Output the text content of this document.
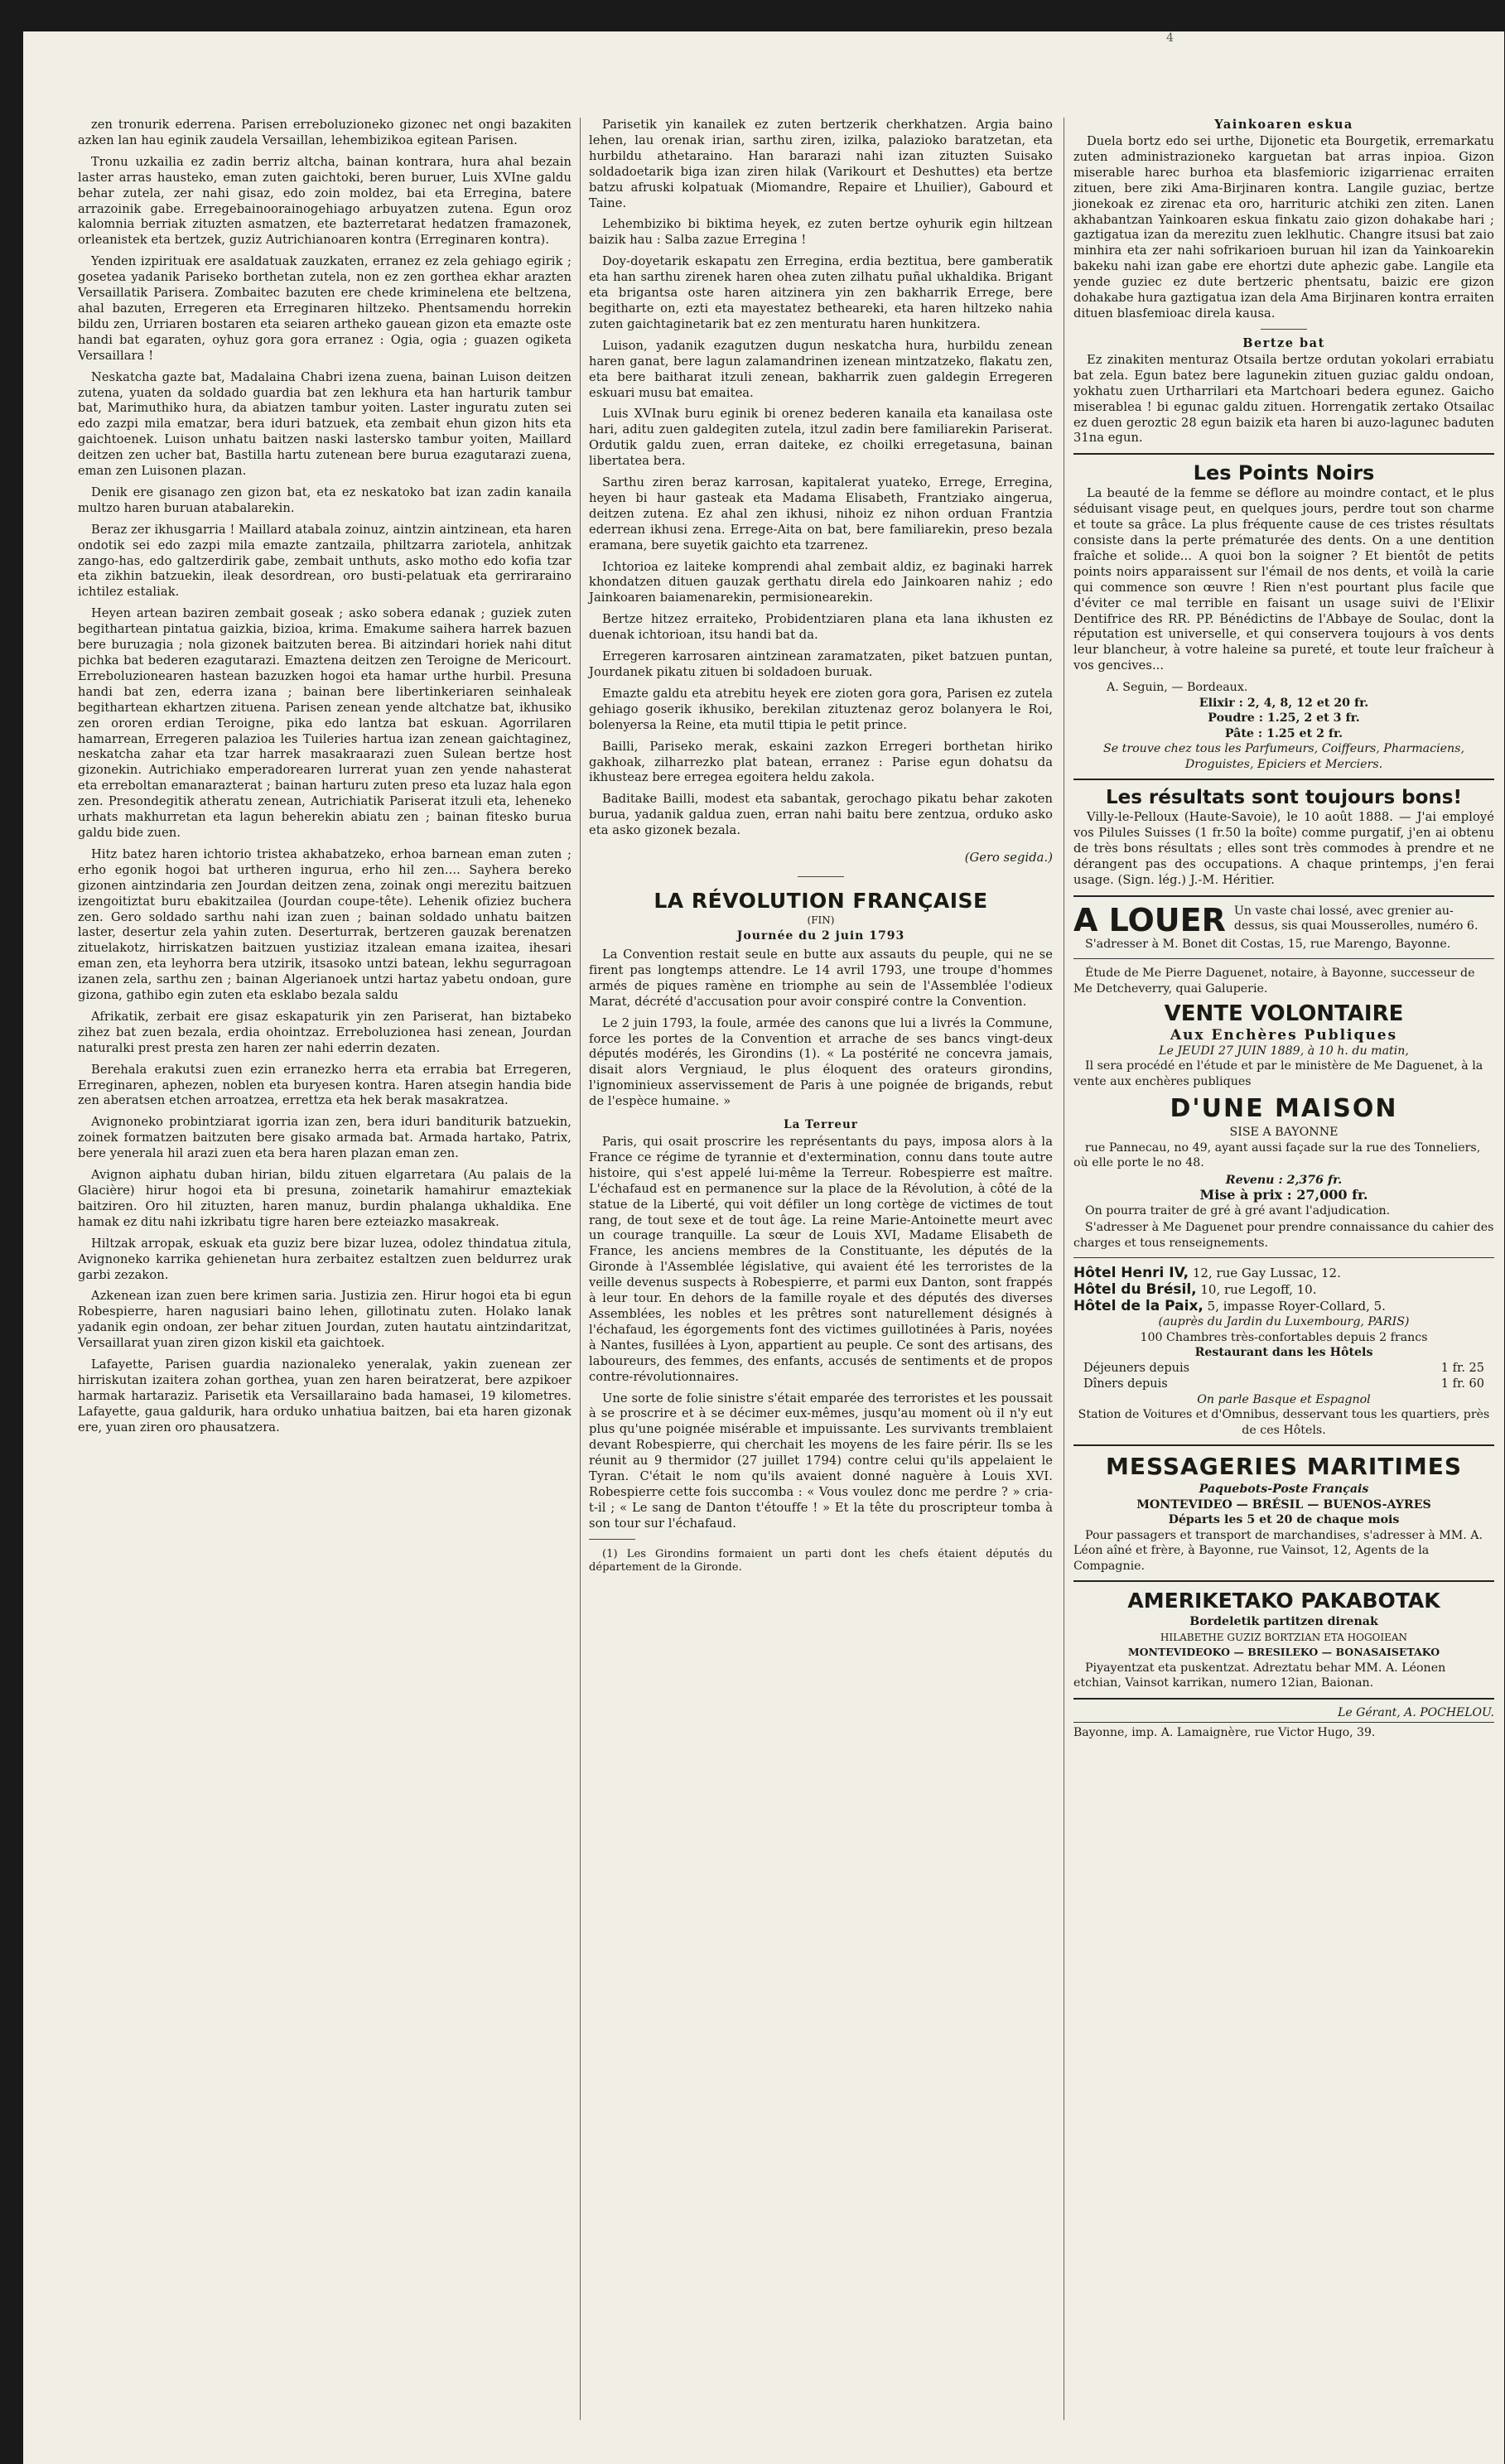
4

zen tronurik ederrena. Parisen erreboluzioneko gizonec net ongi bazakiten azken lan hau eginik zaudela Versaillan, lehembizikoa egitean Parisen.

Tronu uzkailia ez zadin berriz altcha, bainan kontrara, hura ahal bezain laster arras hausteko, eman zuten gaichtoki, beren buruer, Luis XVIne galdu behar zutela, zer nahi gisaz, edo zoin moldez, bai eta Erregina, batere arrazoinik gabe. Erregebainoorainogehiago arbuyatzen zutena. Egun oroz kalomnia berriak zituzten asmatzen, ete bazterretarat hedatzen framazonek, orleanistek eta bertzek, guziz Autrichianoaren kontra (Erreginaren kontra).

Yenden izpirituak ere asaldatuak zauzkaten, erranez ez zela gehiago egirik ; gosetea yadanik Pariseko borthetan zutela, non ez zen gorthea ekhar arazten Versaillatik Parisera. Zombaitec bazuten ere chede kriminelena ete beltzena, ahal bazuten, Erregeren eta Erreginaren hiltzeko. Phentsamendu horrekin bildu zen, Urriaren bostaren eta seiaren artheko gauean gizon eta emazte oste handi bat egaraten, oyhuz gora gora erranez : Ogia, ogia ; guazen ogiketa Versaillara !

Neskatcha gazte bat, Madalaina Chabri izena zuena, bainan Luison deitzen zutena, yuaten da soldado guardia bat zen lekhura eta han harturik tambur bat, Marimuthiko hura, da abiatzen tambur yoiten. Laster inguratu zuten sei edo zazpi mila ematzar, bera iduri batzuek, eta zembait ehun gizon hits eta gaichtoenek. Luison unhatu baitzen naski lastersko tambur yoiten, Maillard deitzen zen ucher bat, Bastilla hartu zutenean bere burua ezagutarazi zuena, eman zen Luisonen plazan.

Denik ere gisanago zen gizon bat, eta ez neskatoko bat izan zadin kanaila multzo haren buruan atabalarekin.

Beraz zer ikhusgarria ! Maillard atabala zoinuz, aintzin aintzinean, eta haren ondotik sei edo zazpi mila emazte zantzaila, philtzarra zariotela, anhitzak zango-has, edo galtzerdirik gabe, zembait unthuts, asko motho edo kofia tzar eta zikhin batzuekin, ileak desordrean, oro busti-pelatuak eta gerriraraino ichtilez estaliak.

Heyen artean baziren zembait goseak ; asko sobera edanak ; guziek zuten begithartean pintatua gaizkia, bizioa, krima. Emakume saihera harrek bazuen bere buruzagia ; nola gizonek baitzuten berea. Bi aitzindari horiek nahi ditut pichka bat bederen ezagutarazi. Emaztena deitzen zen Teroigne de Mericourt. Erreboluzionearen hastean bazuzken hogoi eta hamar urthe hurbil. Presuna handi bat zen, ederra izana ; bainan bere libertinkeriaren seinhaleak begithartean ekhartzen zituena. Parisen zenean yende altchatze bat, ikhusiko zen ororen erdian Teroigne, pika edo lantza bat eskuan. Agorrilaren hamarrean, Erregeren palazioa les Tuileries hartua izan zenean gaichtaginez, neskatcha zahar eta tzar harrek masakraarazi zuen Sulean bertze host gizonekin. Autrichiako emperadorearen lurrerat yuan zen yende nahasterat eta erreboltan emanarazterat ; bainan harturu zuten preso eta luzaz hala egon zen. Presondegitik atheratu zenean, Autrichiatik Pariserat itzuli eta, leheneko urhats makhurretan eta lagun beherekin abiatu zen ; bainan fitesko burua galdu bide zuen.

Hitz batez haren ichtorio tristea akhabatzeko, erhoa barnean eman zuten ; erho egonik hogoi bat urtheren ingurua, erho hil zen.... Sayhera bereko gizonen aintzindaria zen Jourdan deitzen zena, zoinak ongi merezitu baitzuen izengoitiztat buru ebakitzailea (Jourdan coupe-tête). Lehenik ofiziez buchera zen. Gero soldado sarthu nahi izan zuen ; bainan soldado unhatu baitzen laster, desertur zela yahin zuten. Deserturrak, bertzeren gauzak berenatzen zituelakotz, hirriskatzen baitzuen yustiziaz itzalean emana izaitea, ihesari eman zen, eta leyhorra bera utzirik, itsasoko untzi batean, lekhu segurragoan izanen zela, sarthu zen ; bainan Algerianoek untzi hartaz yabetu ondoan, gure gizona, gathibo egin zuten eta esklabo bezala saldu

Afrikatik, zerbait ere gisaz eskapaturik yin zen Pariserat, han biztabeko zihez bat zuen bezala, erdia ohointzaz. Erreboluzionea hasi zenean, Jourdan naturalki prest presta zen haren zer nahi ederrin dezaten.

Berehala erakutsi zuen ezin erranezko herra eta errabia bat Erregeren, Erreginaren, aphezen, noblen eta buryesen kontra. Haren atsegin handia bide zen aberatsen etchen arroatzea, errettza eta hek berak masakratzea.

Avignoneko probintziarat igorria izan zen, bera iduri banditurik batzuekin, zoinek formatzen baitzuten bere gisako armada bat. Armada hartako, Patrix, bere yeneralа hil arazi zuen eta bera haren plazan eman zen.

Avignon aiphatu duban hirian, bildu zituen elgarretara (Au palais de la Glacière) hirur hogoi eta bi presuna, zoinetarik hamahirur emaztekiak baitziren. Oro hil zituzten, haren manuz, burdin phalanga ukhaldika. Ene hamak ez ditu nahi izkribatu tigre haren bere ezteiazko masakreak.

Hiltzak arropak, eskuak eta guziz bere bizar luzea, odolez thindatua zitula, Avignoneko karrika gehienetan hura zerbaitez estaltzen zuen beldurrez urak garbi zezakon.

Azkenean izan zuen bere krimen saria. Justizia zen. Hirur hogoi eta bi egun Robespierre, haren nagusiari baino lehen, gillotinatu zuten. Holako lanak yadanik egin ondoan, zer behar zituen Jourdan, zuten hautatu aintzindaritzat, Versaillarat yuan ziren gizon kiskil eta gaichtoek.

Lafayette, Parisen guardia nazionaleko yeneralak, yakin zuenean zer hirriskutan izaitera zohan gorthea, yuan zen haren beiratzerat, bere azpikoer harmak hartaraziz. Parisetik eta Versaillaraino bada hamasei, 19 kilometres. Lafayette, gaua galdurik, hara orduko unhatiua baitzen, bai eta haren gizonak ere, yuan ziren oro phausatzera.

Parisetik yin kanailek ez zuten bertzerik cherkhatzen. Argia baino lehen, lau orenak irian, sarthu ziren, izilka, palazioko baratzetan, eta hurbildu athetaraino. Han bararazi nahi izan zituzten Suisako soldadoetarik bigа izan ziren hilak (Varikourt et Deshuttes) eta bertze batzu afruski kolpatuak (Miomandre, Repaire et Lhuilier), Gabourd et Taine.

Lehembiziko bi biktima heyek, ez zuten bertze oyhurik egin hiltzean baizik hau : Salba zazue Erregina !

Doy-doyetarik eskapatu zen Erregina, erdia beztitua, bere gamberatik eta han sarthu zirenek haren ohea zuten zilhatu puñal ukhaldika. Brigant eta brigantsa oste haren aitzinera yin zen bakharrik Errege, bere begitharte on, ezti eta mayestatez betheareki, eta haren hiltzeko nahia zuten gaichtaginetarik bat ez zen menturatu haren hunkitzera.

Luison, yadanik ezagutzen dugun neskatcha hura, hurbildu zenean haren ganat, bere lagun zalamandrinen izenean mintzatzeko, flakatu zen, eta bere baitharat itzuli zenean, bakharrik zuen galdegin Erregeren eskuari musu bat emaitea.

Luis XVInak buru eginik bi orenez bederen kanaila eta kanailasa oste hari, aditu zuen galdegiten zutela, itzul zadin bere familiarekin Pariserat. Ordutik galdu zuen, erran daiteke, ez choilki erregetasuna, bainan libertatea bera.

Sarthu ziren beraz karrosan, kapitalerat yuateko, Errege, Erregina, heyen bi haur gasteak eta Madama Elisabeth, Frantziako aingerua, deitzen zutena. Ez ahal zen ikhusi, nihoiz ez nihon orduan Frantzia ederrean ikhusi zena. Errege-Aita on bat, bere familiarekin, preso bezala eramana, bere suyetik gaichto eta tzarrenez.

Ichtorioa ez laiteke komprendi ahal zembait aldiz, ez baginaki harrek khondatzen dituen gauzak gerthatu direla edo Jainkoaren nahiz ; edo Jainkoaren baiamenarekin, permisionearekin.

Bertze hitzez erraiteko, Probidentziaren plana eta lana ikhusten ez duenak ichtorioan, itsu handi bat da.

Erregeren karrosaren aintzinean zaramatzaten, piket batzuen puntan, Jourdanek pikatu zituen bi soldadoen buruak.

Emazte galdu eta atrebitu heyek ere zioten gora gora, Parisen ez zutela gehiago goserik ikhusiko, berekilan zituztenaz geroz bolanyera le Roi, bolenyersa la Reine, eta mutil ttipia le petit prince.

Bailli, Pariseko merak, eskaini zazkon Erregeri borthetan hiriko gakhoak, zilharrezko plat batean, erranez : Parise egun dohatsu da ikhusteaz bere erregea egoitera heldu zakola.

Baditake Bailli, modest eta sabantak, gerochago pikatu behar zakoten buruа, yadanik galdua zuen, erran nahi baitu bere zentzua, orduko asko eta asko gizonek bezala.

(Gero segida.)

LA RÉVOLUTION FRANÇAISE
(FIN)
Journée du 2 juin 1793

La Convention restait seule en butte aux assauts du peuple, qui ne se firent pas longtemps attendre. Le 14 avril 1793, une troupe d'hommes armés de piques ramène en triomphe au sein de l'Assemblée l'odieux Marat, décrété d'accusation pour avoir conspiré contre la Convention.

Le 2 juin 1793, la foule, armée des canons que lui a livrés la Commune, force les portes de la Convention et arrache de ses bancs vingt-deux députés modérés, les Girondins (1). « La postérité ne concevra jamais, disait alors Vergniaud, le plus éloquent des orateurs girondins, l'ignominieux asservissement de Paris à une poignée de brigands, rebut de l'espèce humaine. »

La Terreur

Paris, qui osait proscrire les représentants du pays, imposa alors à la France ce régime de tyrannie et d'extermination, connu dans toute autre histoire, qui s'est appelé lui-même la Terreur. Robespierre est maître. L'échafaud est en permanence sur la place de la Révolution, à côté de la statue de la Liberté, qui voit défiler un long cortège de victimes de tout rang, de tout sexe et de tout âge. La reine Marie-Antoinette meurt avec un courage tranquille. La sœur de Louis XVI, Madame Elisabeth de France, les anciens membres de la Constituante, les députés de la Gironde à l'Assemblée législative, qui avaient été les terroristes de la veille devenus suspects à Robespierre, et parmi eux Danton, sont frappés à leur tour. En dehors de la famille royale et des députés des diverses Assemblées, les nobles et les prêtres sont naturellement désignés à l'échafaud, les égorgements font des victimes guillotinées à Paris, noyées à Nantes, fusillées à Lyon, appartient au peuple. Ce sont des artisans, des laboureurs, des femmes, des enfants, accusés de sentiments et de propos contre-révolutionnaires.

Une sorte de folie sinistre s'était emparée des terroristes et les poussait à se proscrire et à se décimer eux-mêmes, jusqu'au moment où il n'y eut plus qu'une poignée misérable et impuissante. Les survivants tremblaient devant Robespierre, qui cherchait les moyens de les faire périr. Ils se les réunit au 9 thermidor (27 juillet 1794) contre celui qu'ils appelaient le Tyran. C'était le nom qu'ils avaient donné naguère à Louis XVI. Robespierre cette fois succomba : « Vous voulez donc me perdre ? » cria-t-il ; « Le sang de Danton t'étouffe ! » Et la tête du proscripteur tomba à son tour sur l'échafaud.

(1) Les Girondins formaient un parti dont les chefs étaient députés du département de la Gironde.

Yainkoaren eskua

Duela bortz edo sei urthe, Dijonetic eta Bourgetik, erremarkatu zuten administrazioneko karguetan bat arras inpioa. Gizon miserable harec burhoa eta blasfemioric izigarrienac erraiten zituen, bere ziki Ama-Birjinaren kontra. Langile guziac, bertze jionekoak ez zirenac eta oro, harrituric atchiki zen ziten. Lanen akhabantzan Yainkoaren eskua finkatu zaio gizon dohakabe hari ; gaztigatua izan da merezitu zuen leklhutic. Changre itsusi bat zaio minhira eta zer nahi sofrikarioen buruan hil izan da Yainkoarekin bakeku nahi izan gabe ere ehortzi dute aphezic gabe. Langile eta yende guziec ez dute bertzeric phentsatu, baizic ere gizon dohakabe hura gaztigatua izan dela Ama Birjinaren kontra erraiten dituen blasfemioac direla kausa.

Bertze bat

Ez zinakiten menturaz Otsaila bertze ordutan yokolari errabiatu bat zela. Egun batez bere lagunekin zituen guziac galdu ondoan, yokhatu zuen Urtharrilari eta Martchoari bedera egunez. Gaicho miserablea ! bi egunac galdu zituen. Horrengatik zertako Otsailac ez duen geroztic 28 egun baizik eta haren bi auzo-lagunec baduten 31na egun.

Les Points Noirs

La beauté de la femme se déflore au moindre contact, et le plus séduisant visage peut, en quelques jours, perdre tout son charme et toute sa grâce. La plus fréquente cause de ces tristes résultats consiste dans la perte prématurée des dents. On a une dentition fraîche et solide... A quoi bon la soigner ? Et bientôt de petits points noirs apparaissent sur l'émail de nos dents, et voilà la carie qui commence son œuvre ! Rien n'est pourtant plus facile que d'éviter ce mal terrible en faisant un usage suivi de l'Elixir Dentifrice des RR. PP. Bénédictins de l'Abbaye de Soulac, dont la réputation est universelle, et qui conservera toujours à vos dents leur blancheur, à votre haleine sa pureté, et toute leur fraîcheur à vos gencives...

A. Seguin, — Bordeaux.
Elixir : 2, 4, 8, 12 et 20 fr.
Poudre : 1.25, 2 et 3 fr.
Pâte : 1.25 et 2 fr.
Se trouve chez tous les Parfumeurs, Coiffeurs, Pharmaciens, Droguistes, Epiciers et Merciers.
Les résultats sont toujours bons!

Villy-le-Pelloux (Haute-Savoie), le 10 août 1888. — J'ai employé vos Pilules Suisses (1 fr.50 la boîte) comme purgatif, j'en ai obtenu de très bons résultats ; elles sont très commodes à prendre et ne dérangent pas des occupations. A chaque printemps, j'en ferai usage. (Sign. lég.) J.-M. Héritier.

A LOUER Un vaste chai lossé, avec grenier au-dessus, sis quai Mousserolles, numéro 6.
S'adresser à M. Bonet dit Costas, 15, rue Marengo, Bayonne.
Étude de Me Pierre Daguenet, notaire, à Bayonne, successeur de Me Detcheverry, quai Galuperie.
VENTE VOLONTAIRE
Aux Enchères Publiques
Le JEUDI 27 JUIN 1889, à 10 h. du matin,
Il sera procédé en l'étude et par le ministère de Me Daguenet, à la vente aux enchères publiques
D'UNE MAISON
SISE A BAYONNE
rue Pannecau, no 49, ayant aussi façade sur la rue des Tonneliers, où elle porte le no 48.
Revenu : 2,376 fr.
Mise à prix : 27,000 fr.
On pourra traiter de gré à gré avant l'adjudication.
S'adresser à Me Daguenet pour prendre connaissance du cahier des charges et tous renseignements.
Hôtel Henri IV, 12, rue Gay Lussac, 12.
Hôtel du Brésil, 10, rue Legoff, 10.
Hôtel de la Paix, 5, impasse Royer-Collard, 5.
(auprès du Jardin du Luxembourg, PARIS)
100 Chambres très-confortables depuis 2 francs
Restaurant dans les Hôtels
Déjeuners depuis	1 fr. 25
Dîners depuis	1 fr. 60
On parle Basque et Espagnol
Station de Voitures et d'Omnibus, desservant tous les quartiers, près de ces Hôtels.
MESSAGERIES MARITIMES
Paquebots-Poste Français
MONTEVIDEO — BRÉSIL — BUENOS-AYRES
Départs les 5 et 20 de chaque mois
Pour passagers et transport de marchandises, s'adresser à MM. A. Léon aîné et frère, à Bayonne, rue Vainsot, 12, Agents de la Compagnie.
AMERIKETAKO PAKABOTAK
Bordeletik partitzen direnak
HILABETHE GUZIZ BORTZIAN ETA HOGOIEAN
MONTEVIDEOKO — BRESILEKO — BONASAISETAKO
Piyayentzat eta puskentzat. Adreztatu behar MM. A. Léonen etchian, Vainsot karrikan, numero 12ian, Baionan.
Le Gérant, A. POCHELOU.
Bayonne, imp. A. Lamaignère, rue Victor Hugo, 39.
